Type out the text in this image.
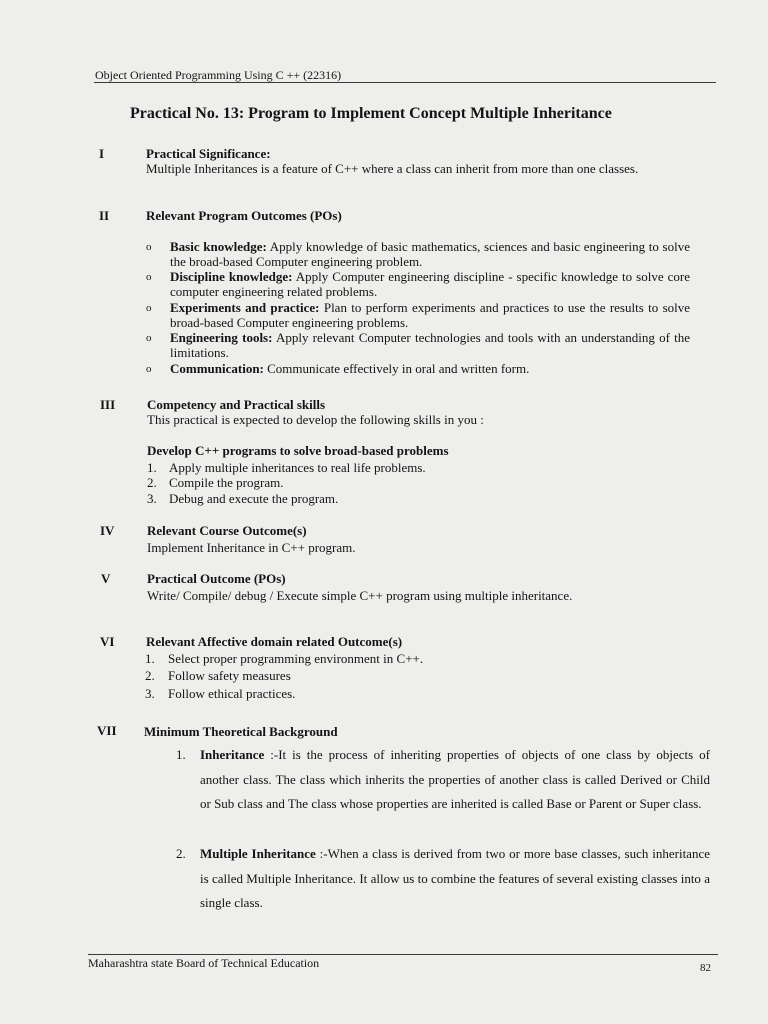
Object Oriented Programming Using C ++ (22316)
Practical No. 13: Program to Implement Concept Multiple Inheritance
I	Practical Significance:
Multiple Inheritances is a feature of C++ where a class can inherit from more than one classes.
II	Relevant Program Outcomes (POs)
o Basic knowledge: Apply knowledge of basic mathematics, sciences and basic engineering to solve the broad-based Computer engineering problem.
o Discipline knowledge: Apply Computer engineering discipline - specific knowledge to solve core computer engineering related problems.
o Experiments and practice: Plan to perform experiments and practices to use the results to solve broad-based Computer engineering problems.
o Engineering tools: Apply relevant Computer technologies and tools with an understanding of the limitations.
o Communication: Communicate effectively in oral and written form.
III Competency and Practical skills
This practical is expected to develop the following skills in you :
Develop C++ programs to solve broad-based problems
1. Apply multiple inheritances to real life problems.
2. Compile the program.
3. Debug and execute the program.
IV	Relevant Course Outcome(s)
Implement Inheritance in C++ program.
V	Practical Outcome (POs)
Write/ Compile/ debug / Execute simple C++ program using multiple inheritance.
VI Relevant Affective domain related Outcome(s)
1. Select proper programming environment in C++.
2. Follow safety measures
3. Follow ethical practices.
VII Minimum Theoretical Background
1. Inheritance :-It is the process of inheriting properties of objects of one class by objects of another class. The class which inherits the properties of another class is called Derived or Child or Sub class and The class whose properties are inherited is called Base or Parent or Super class.
2. Multiple Inheritance :-When a class is derived from two or more base classes, such inheritance is called Multiple Inheritance. It allow us to combine the features of several existing classes into a single class.
Maharashtra state Board of Technical Education	82
